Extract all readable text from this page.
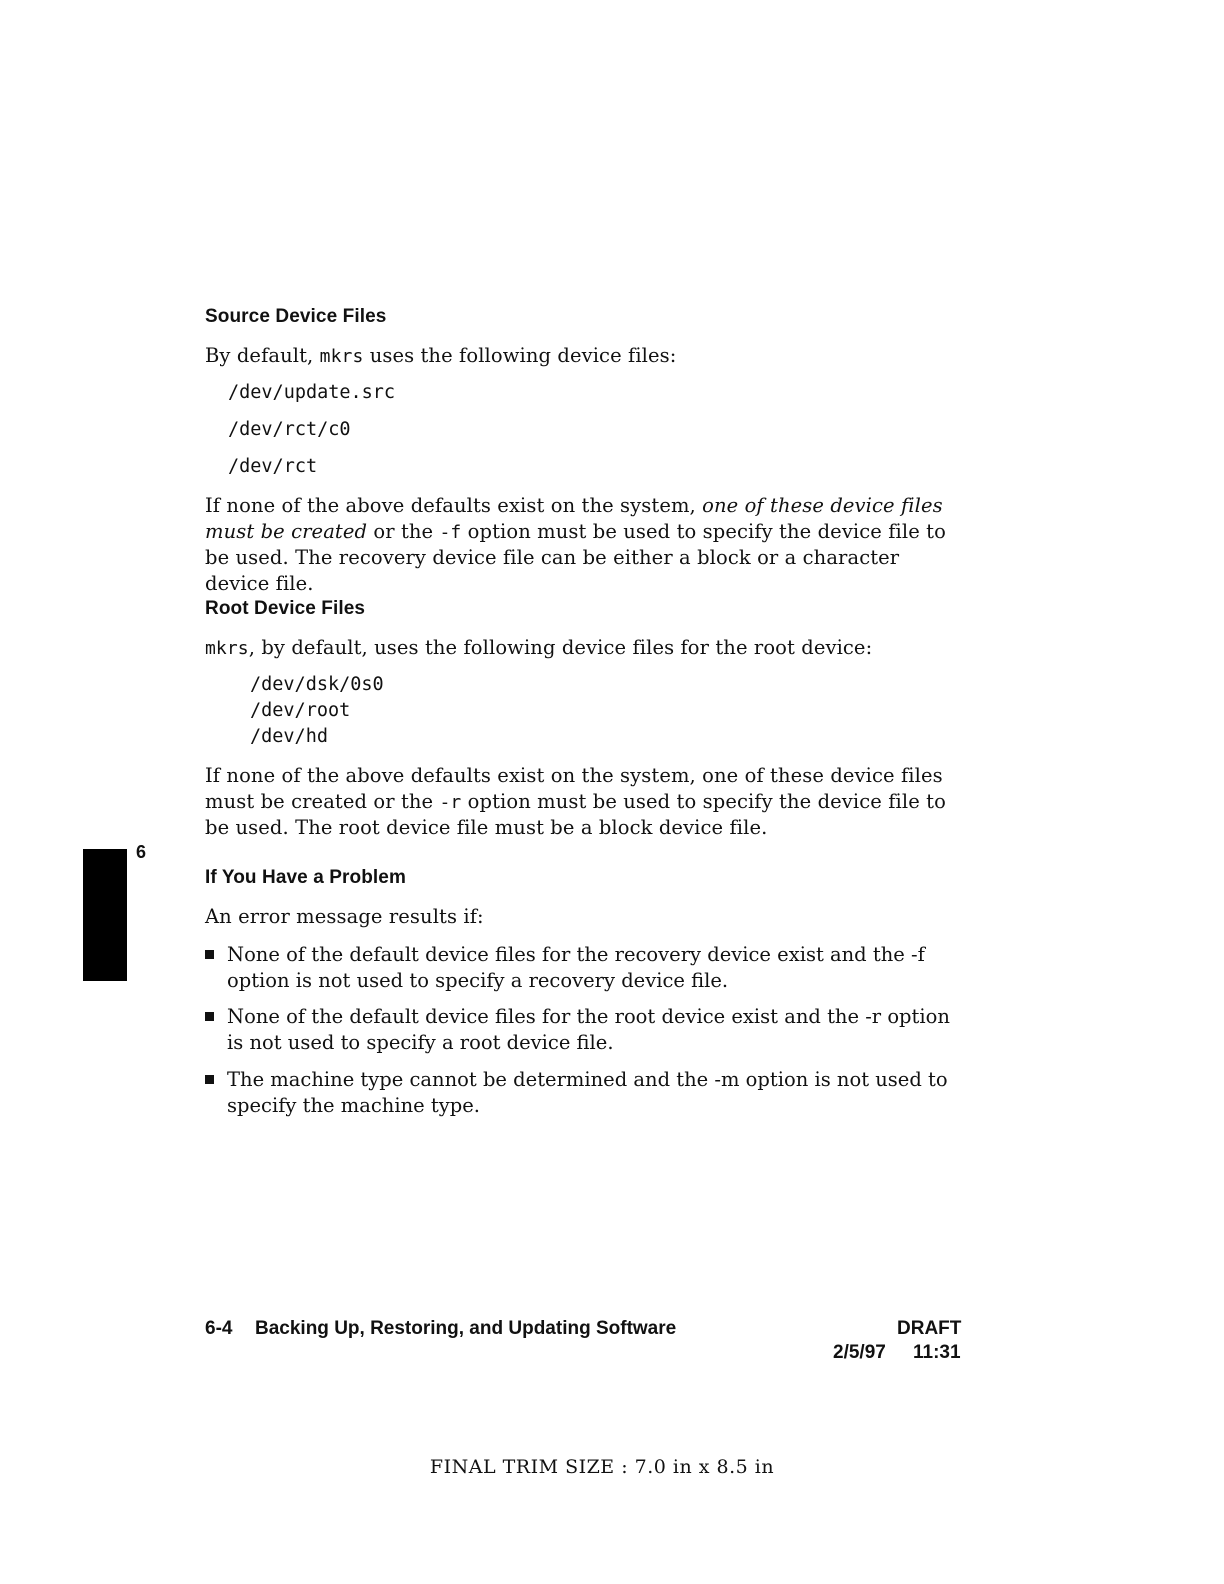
Source Device Files
By default, mkrs uses the following device files:
/dev/update.src
/dev/rct/c0
/dev/rct
If none of the above defaults exist on the system, one of these device files must be created or the -f option must be used to specify the device file to be used. The recovery device file can be either a block or a character device file.
Root Device Files
mkrs, by default, uses the following device files for the root device:
/dev/dsk/0s0
/dev/root
/dev/hd
If none of the above defaults exist on the system, one of these device files must be created or the -r option must be used to specify the device file to be used. The root device file must be a block device file.
6
If You Have a Problem
An error message results if:
None of the default device files for the recovery device exist and the -f option is not used to specify a recovery device file.
None of the default device files for the root device exist and the -r option is not used to specify a root device file.
The machine type cannot be determined and the -m option is not used to specify the machine type.
6-4 Backing Up, Restoring, and Updating Software	DRAFT
2/5/97 11:31
FINAL TRIM SIZE : 7.0 in x 8.5 in
